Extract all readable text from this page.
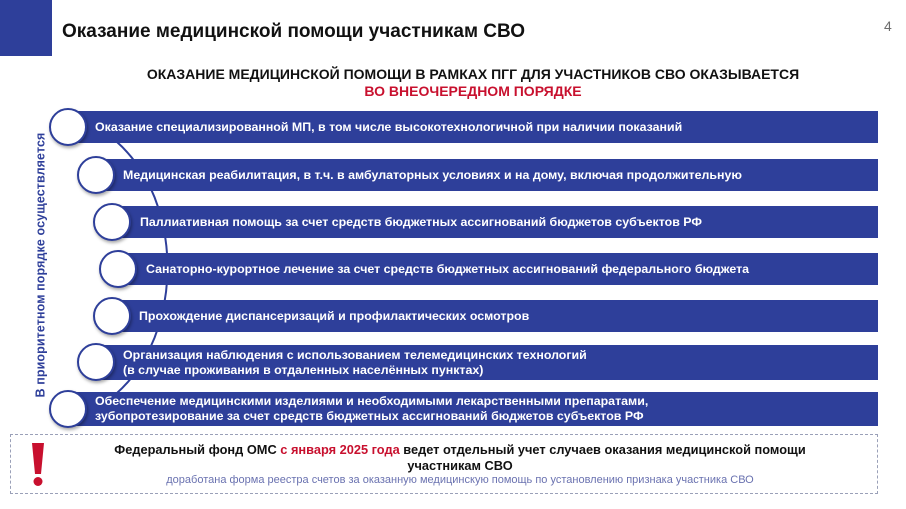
Оказание медицинской помощи участникам СВО	4
ОКАЗАНИЕ МЕДИЦИНСКОЙ ПОМОЩИ В РАМКАХ ПГГ ДЛЯ УЧАСТНИКОВ СВО ОКАЗЫВАЕТСЯ
ВО ВНЕОЧЕРЕДНОМ ПОРЯДКЕ
В приоритетном порядке осуществляется
Оказание специализированной МП, в том числе высокотехнологичной при наличии показаний
Медицинская реабилитация, в т.ч. в амбулаторных условиях и на дому, включая продолжительную
Паллиативная помощь за счет средств бюджетных ассигнований бюджетов субъектов РФ
Санаторно-курортное лечение за счет средств бюджетных ассигнований федерального бюджета
Прохождение диспансеризаций и профилактических осмотров
Организация наблюдения с использованием телемедицинских технологий
(в случае проживания в отдаленных населённых пунктах)
Обеспечение медицинскими изделиями и необходимыми лекарственными препаратами,
зубопротезирование за счет средств бюджетных ассигнований бюджетов субъектов РФ
Федеральный фонд ОМС с января 2025 года ведет отдельный учет случаев оказания медицинской помощи
участникам СВО
доработана форма реестра счетов за оказанную медицинскую помощь по установлению признака участника СВО
